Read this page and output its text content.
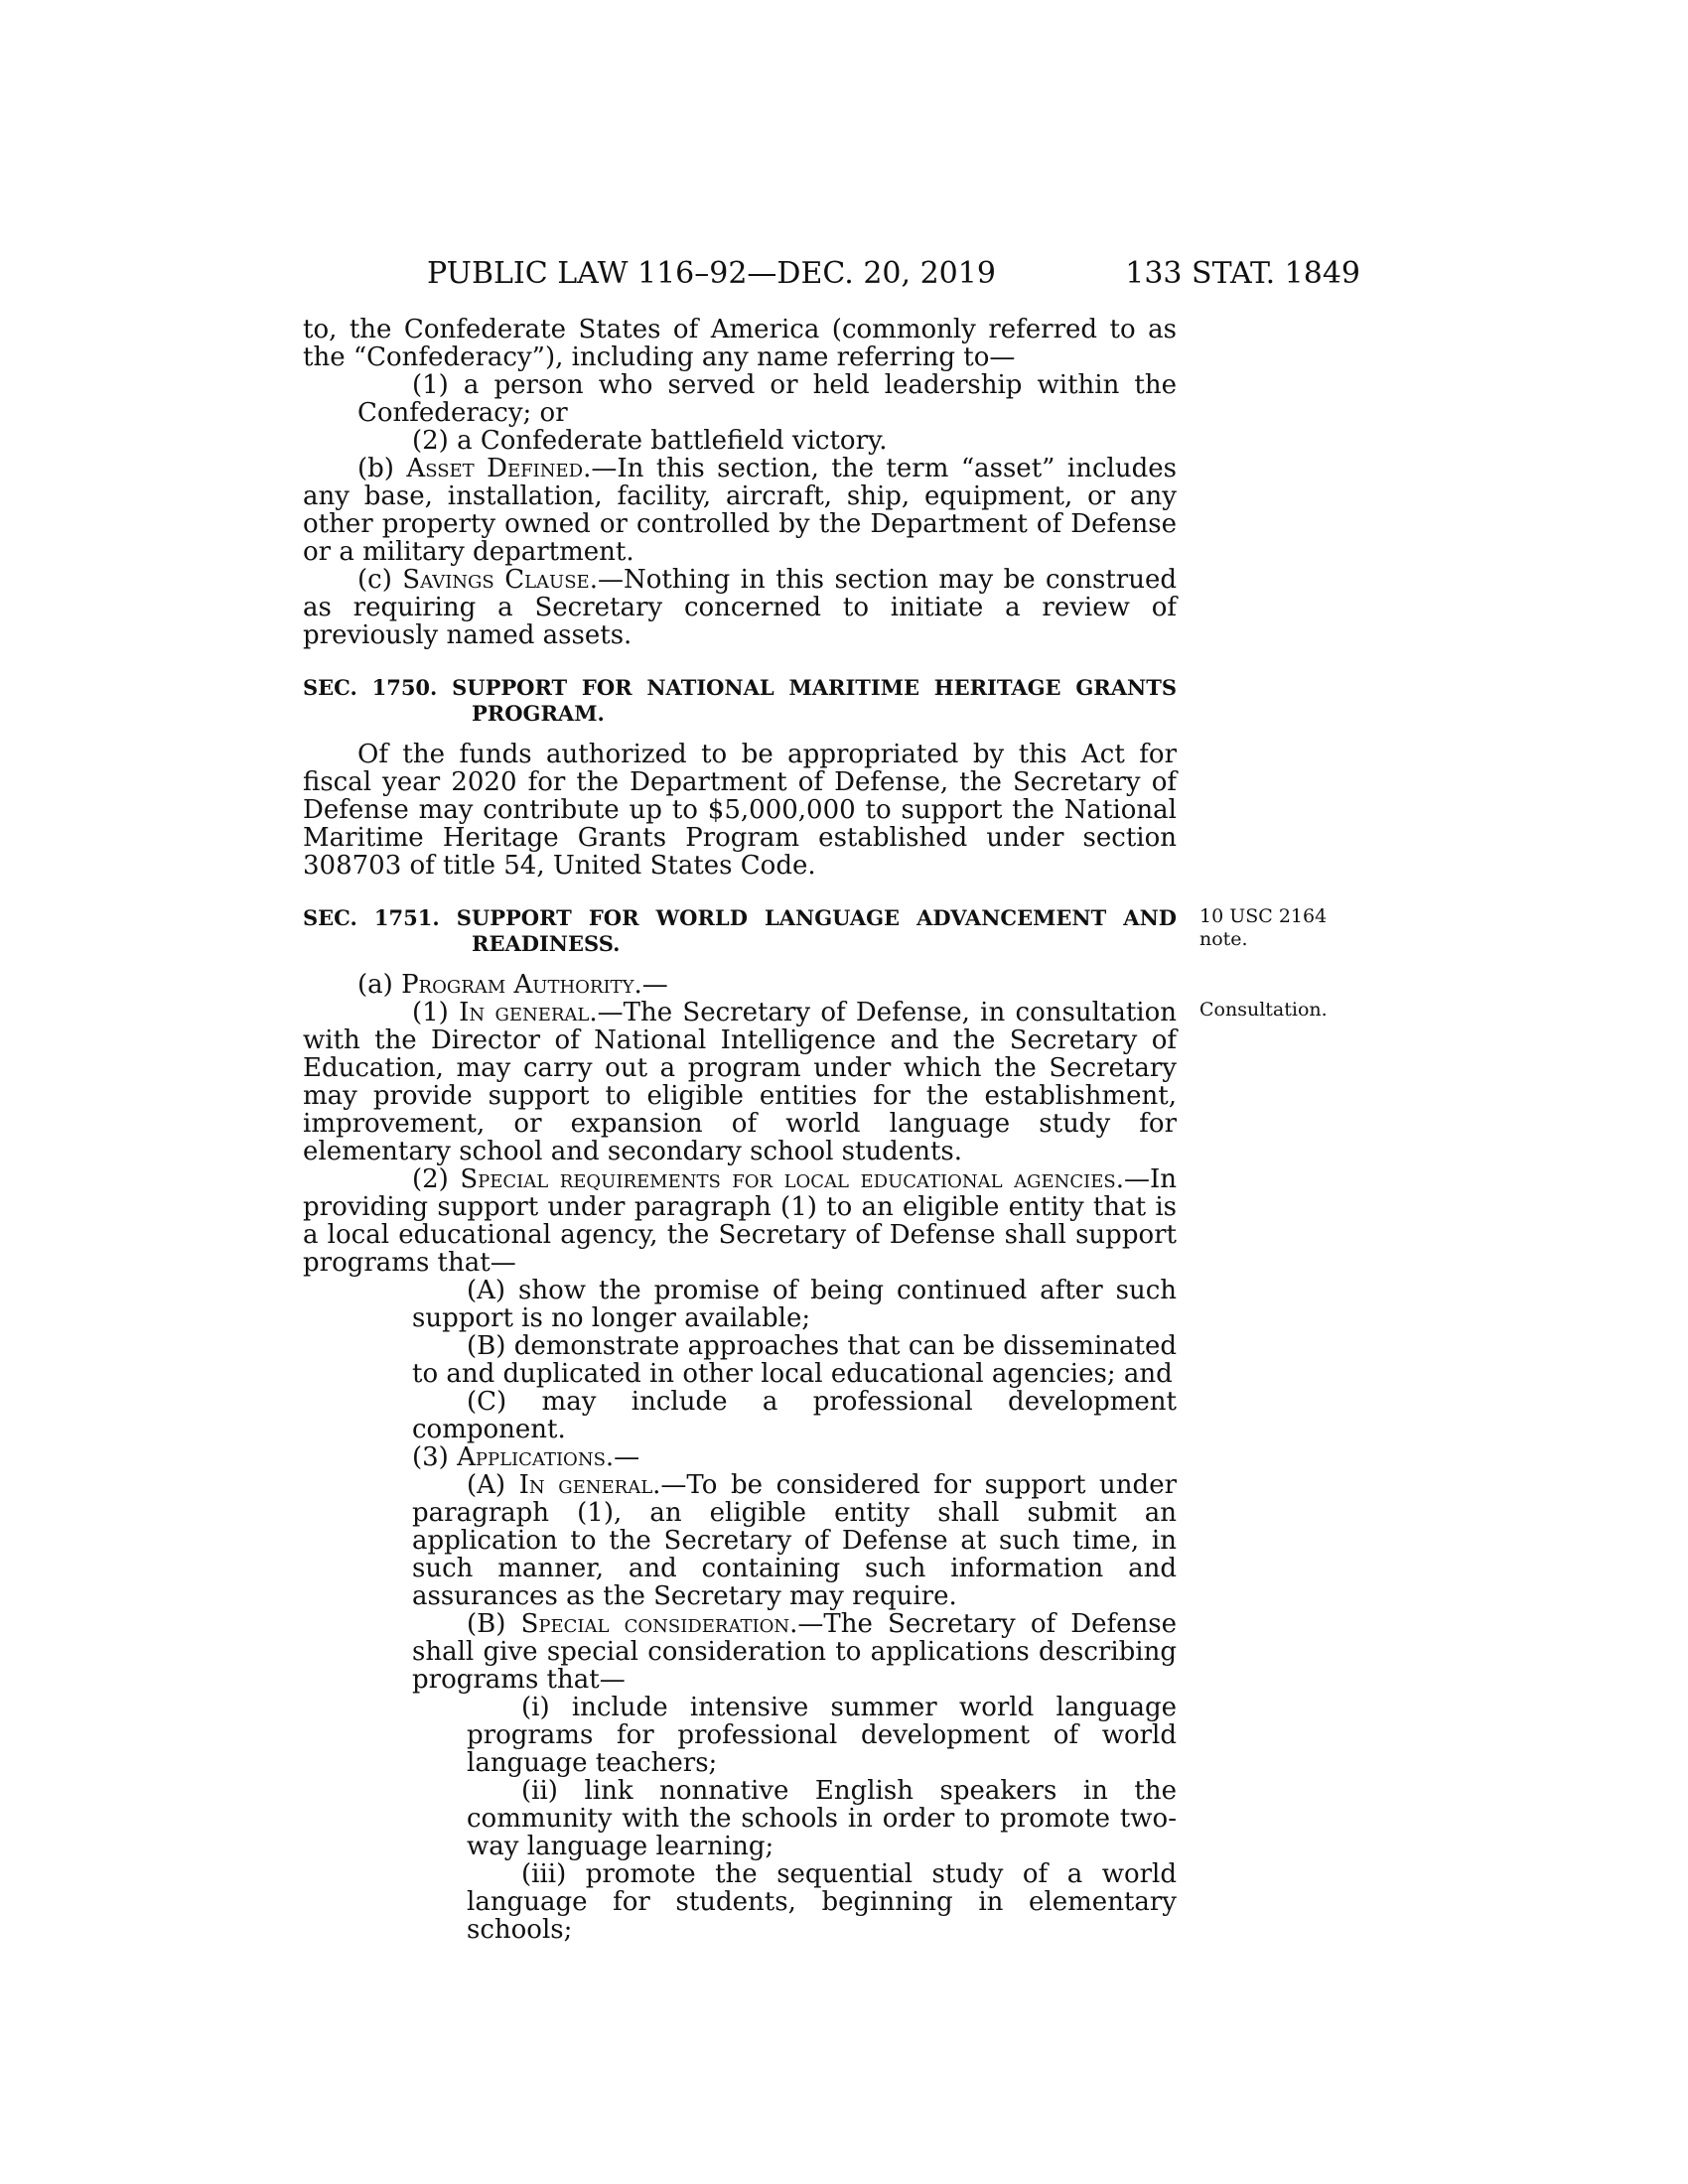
PUBLIC LAW 116–92—DEC. 20, 2019	133 STAT. 1849

to, the Confederate States of America (commonly referred to as the “Confederacy”), including any name referring to—

(1) a person who served or held leadership within the Confederacy; or

(2) a Confederate battlefield victory.

(b) Asset Defined.—In this section, the term “asset” includes any base, installation, facility, aircraft, ship, equipment, or any other property owned or controlled by the Department of Defense or a military department.

(c) Savings Clause.—Nothing in this section may be construed as requiring a Secretary concerned to initiate a review of previously named assets.

SEC. 1750. SUPPORT FOR NATIONAL MARITIME HERITAGE GRANTS PROGRAM.

Of the funds authorized to be appropriated by this Act for fiscal year 2020 for the Department of Defense, the Secretary of Defense may contribute up to $5,000,000 to support the National Maritime Heritage Grants Program established under section 308703 of title 54, United States Code.

SEC. 1751. SUPPORT FOR WORLD LANGUAGE ADVANCEMENT AND READINESS.
10 USC 2164 note.

(a) Program Authority.—

(1) In general.—The Secretary of Defense, in consultation with the Director of National Intelligence and the Secretary of Education, may carry out a program under which the Secretary may provide support to eligible entities for the establishment, improvement, or expansion of world language study for elementary school and secondary school students.
Consultation.

(2) Special requirements for local educational agencies.—In providing support under paragraph (1) to an eligible entity that is a local educational agency, the Secretary of Defense shall support programs that—

(A) show the promise of being continued after such support is no longer available;

(B) demonstrate approaches that can be disseminated to and duplicated in other local educational agencies; and

(C) may include a professional development component.

(3) Applications.—

(A) In general.—To be considered for support under paragraph (1), an eligible entity shall submit an application to the Secretary of Defense at such time, in such manner, and containing such information and assurances as the Secretary may require.

(B) Special consideration.—The Secretary of Defense shall give special consideration to applications describing programs that—

(i) include intensive summer world language programs for professional development of world language teachers;

(ii) link nonnative English speakers in the community with the schools in order to promote two-way language learning;

(iii) promote the sequential study of a world language for students, beginning in elementary schools;
